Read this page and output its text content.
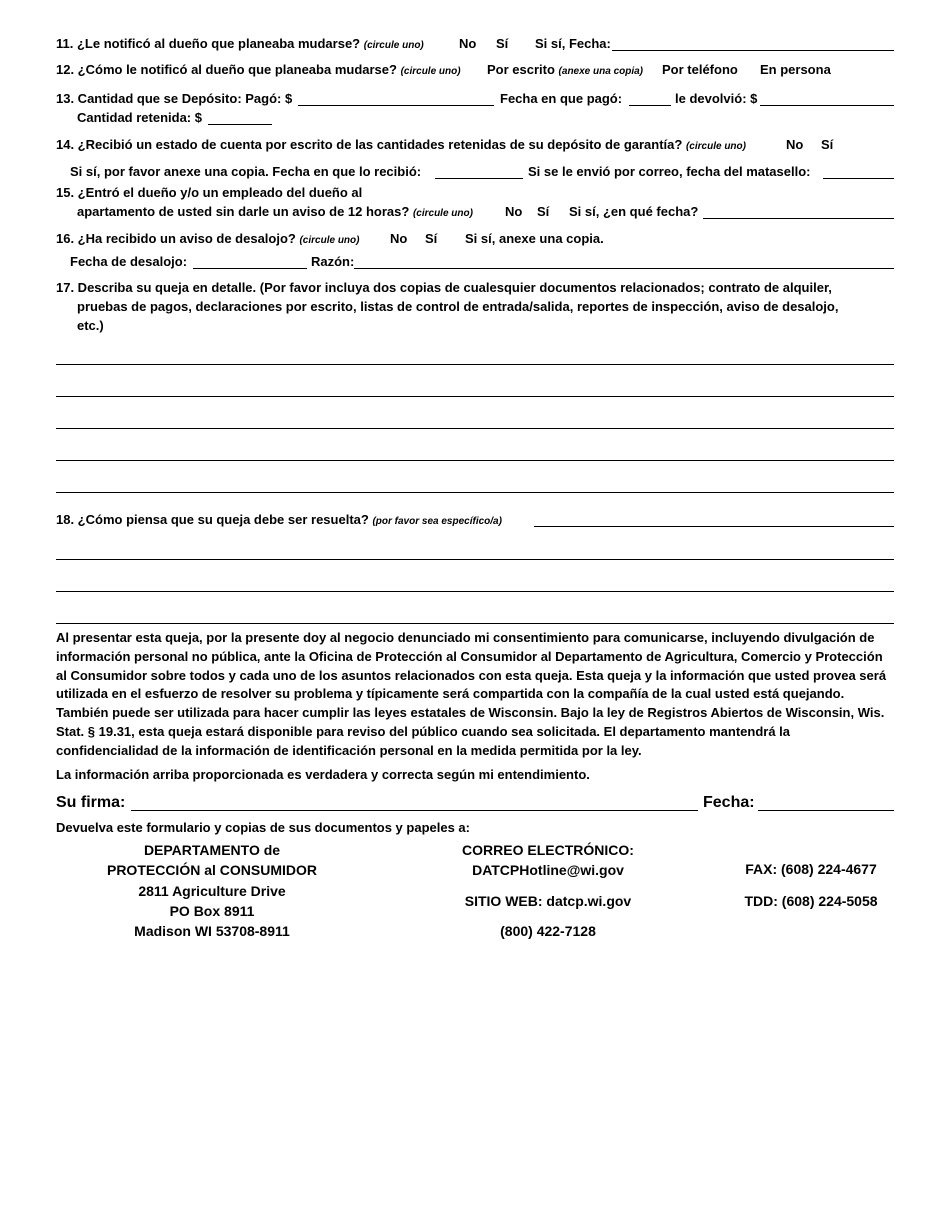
11. ¿Le notificó al dueño que planeaba mudarse? (circule uno)	No Sí Si sí, Fecha:
12. ¿Cómo le notificó al dueño que planeaba mudarse? (circule uno) Por escrito (anexe una copia) Por teléfono En persona
13. Cantidad que se Depósito: Pagó: $	Fecha en que pagó:	le devolvió: $
Cantidad retenida: $
14. ¿Recibió un estado de cuenta por escrito de las cantidades retenidas de su depósito de garantía? (circule uno)	No Sí
Si sí, por favor anexe una copia. Fecha en que lo recibió:	Si se le envió por correo, fecha del matasello:
15. ¿Entró el dueño y/o un empleado del dueño al
apartamento de usted sin darle un aviso de 12 horas? (circule uno) No Sí Si sí, ¿en qué fecha?
16. ¿Ha recibido un aviso de desalojo? (circule uno) No Sí Si sí, anexe una copia.
Fecha de desalojo:	Razón:
17. Describa su queja en detalle. (Por favor incluya dos copias de cualesquier documentos relacionados; contrato de alquiler,
pruebas de pagos, declaraciones por escrito, listas de control de entrada/salida, reportes de inspección, aviso de desalojo,
etc.)
18. ¿Cómo piensa que su queja debe ser resuelta? (por favor sea específico/a)
Al presentar esta queja, por la presente doy al negocio denunciado mi consentimiento para comunicarse, incluyendo divulgación de información personal no pública, ante la Oficina de Protección al Consumidor al Departamento de Agricultura, Comercio y Protección al Consumidor sobre todos y cada uno de los asuntos relacionados con esta queja. Esta queja y la información que usted provea será utilizada en el esfuerzo de resolver su problema y típicamente será compartida con la compañía de la cual usted está quejando. También puede ser utilizada para hacer cumplir las leyes estatales de Wisconsin. Bajo la ley de Registros Abiertos de Wisconsin, Wis. Stat. § 19.31, esta queja estará disponible para reviso del público cuando sea solicitada. El departamento mantendrá la confidencialidad de la información de identificación personal en la medida permitida por la ley.
La información arriba proporcionada es verdadera y correcta según mi entendimiento.
Su firma:	Fecha:
Devuelva este formulario y copias de sus documentos y papeles a:
DEPARTAMENTO de
PROTECCIÓN al CONSUMIDOR
2811 Agriculture Drive
PO Box 8911
Madison WI 53708-8911
CORREO ELECTRÓNICO:
DATCPHotline@wi.gov
SITIO WEB: datcp.wi.gov
(800) 422-7128
FAX: (608) 224-4677
TDD: (608) 224-5058
